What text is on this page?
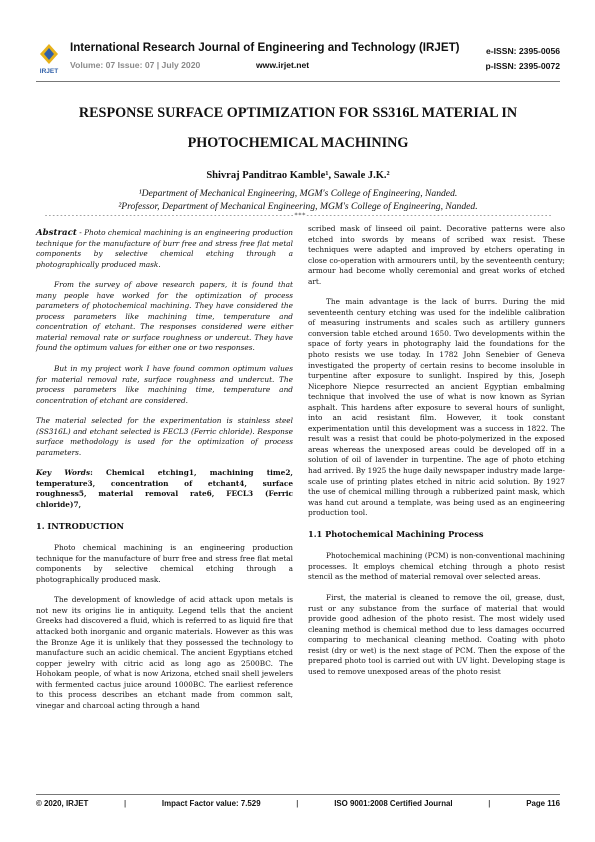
IRJET
International Research Journal of Engineering and Technology (IRJET)
Volume: 07 Issue: 07 | July 2020	www.irjet.net
e-ISSN: 2395-0056
p-ISSN: 2395-0072
RESPONSE SURFACE OPTIMIZATION FOR SS316L MATERIAL IN
PHOTOCHEMICAL MACHINING
Shivraj Panditrao Kamble¹, Sawale J.K.²
¹Department of Mechanical Engineering, MGM's College of Engineering, Nanded.
²Professor, Department of Mechanical Engineering, MGM's College of Engineering, Nanded.
-----------------------------------------------------------------***----------------------------------------------------------------

Abstract - Photo chemical machining is an engineering production technique for the manufacture of burr free and stress free flat metal components by selective chemical etching through a photographically produced mask.

From the survey of above research papers, it is found that many people have worked for the optimization of process parameters of photochemical machining. They have considered the process parameters like machining time, temperature and concentration of etchant. The responses considered were either material removal rate or surface roughness or undercut. They have found the optimum values for either one or two responses.

But in my project work I have found common optimum values for material removal rate, surface roughness and undercut. The process parameters like machining time, temperature and concentration of etchant are considered.

The material selected for the experimentation is stainless steel (SS316L) and etchant selected is FECL3 (Ferric chloride). Response surface methodology is used for the optimization of process parameters.

Key Words: Chemical etching1, machining time2, temperature3, concentration of etchant4, surface roughness5, material removal rate6, FECL3 (Ferric chloride)7,

1. INTRODUCTION

Photo chemical machining is an engineering production technique for the manufacture of burr free and stress free flat metal components by selective chemical etching through a photographically produced mask.

The development of knowledge of acid attack upon metals is not new its origins lie in antiquity. Legend tells that the ancient Greeks had discovered a fluid, which is referred to as liquid fire that attacked both inorganic and organic materials. However as this was the Bronze Age it is unlikely that they possessed the technology to manufacture such an acidic chemical. The ancient Egyptians etched copper jewelry with citric acid as long ago as 2500BC. The Hohokam people, of what is now Arizona, etched snail shell jewelers with fermented cactus juice around 1000BC. The earliest reference to this process describes an etchant made from common salt, vinegar and charcoal acting through a hand

scribed mask of linseed oil paint. Decorative patterns were also etched into swords by means of scribed wax resist. These techniques were adapted and improved by etchers operating in close co-operation with armourers until, by the seventeenth century; armour had become wholly ceremonial and great works of etched art.

The main advantage is the lack of burrs. During the mid seventeenth century etching was used for the indelible calibration of measuring instruments and scales such as artillery gunners conversion table etched around 1650. Two developments within the space of forty years in photography laid the foundations for the photo resists we use today. In 1782 John Senebier of Geneva investigated the property of certain resins to become insoluble in turpentine after exposure to sunlight. Inspired by this, Joseph Nicephore Niepce resurrected an ancient Egyptian embalming technique that involved the use of what is now known as Syrian asphalt. This hardens after exposure to several hours of sunlight, into an acid resistant film. However, it took constant experimentation until this development was a success in 1822. The result was a resist that could be photo-polymerized in the exposed areas whereas the unexposed areas could be developed off in a solution of oil of lavender in turpentine. The age of photo etching had arrived. By 1925 the huge daily newspaper industry made large-scale use of printing plates etched in nitric acid solution. By 1927 the use of chemical milling through a rubberized paint mask, which was hand cut around a template, was being used as an engineering production tool.

1.1 Photochemical Machining Process

Photochemical machining (PCM) is non-conventional machining processes. It employs chemical etching through a photo resist stencil as the method of material removal over selected areas.

First, the material is cleaned to remove the oil, grease, dust, rust or any substance from the surface of material that would provide good adhesion of the photo resist. The most widely used cleaning method is chemical method due to less damages occurred comparing to mechanical cleaning method. Coating with photo resist (dry or wet) is the next stage of PCM. Then the expose of the prepared photo tool is carried out with UV light. Developing stage is used to remove unexposed areas of the photo resist

© 2020, IRJET	|	Impact Factor value: 7.529	|	ISO 9001:2008 Certified Journal	|	Page 116
